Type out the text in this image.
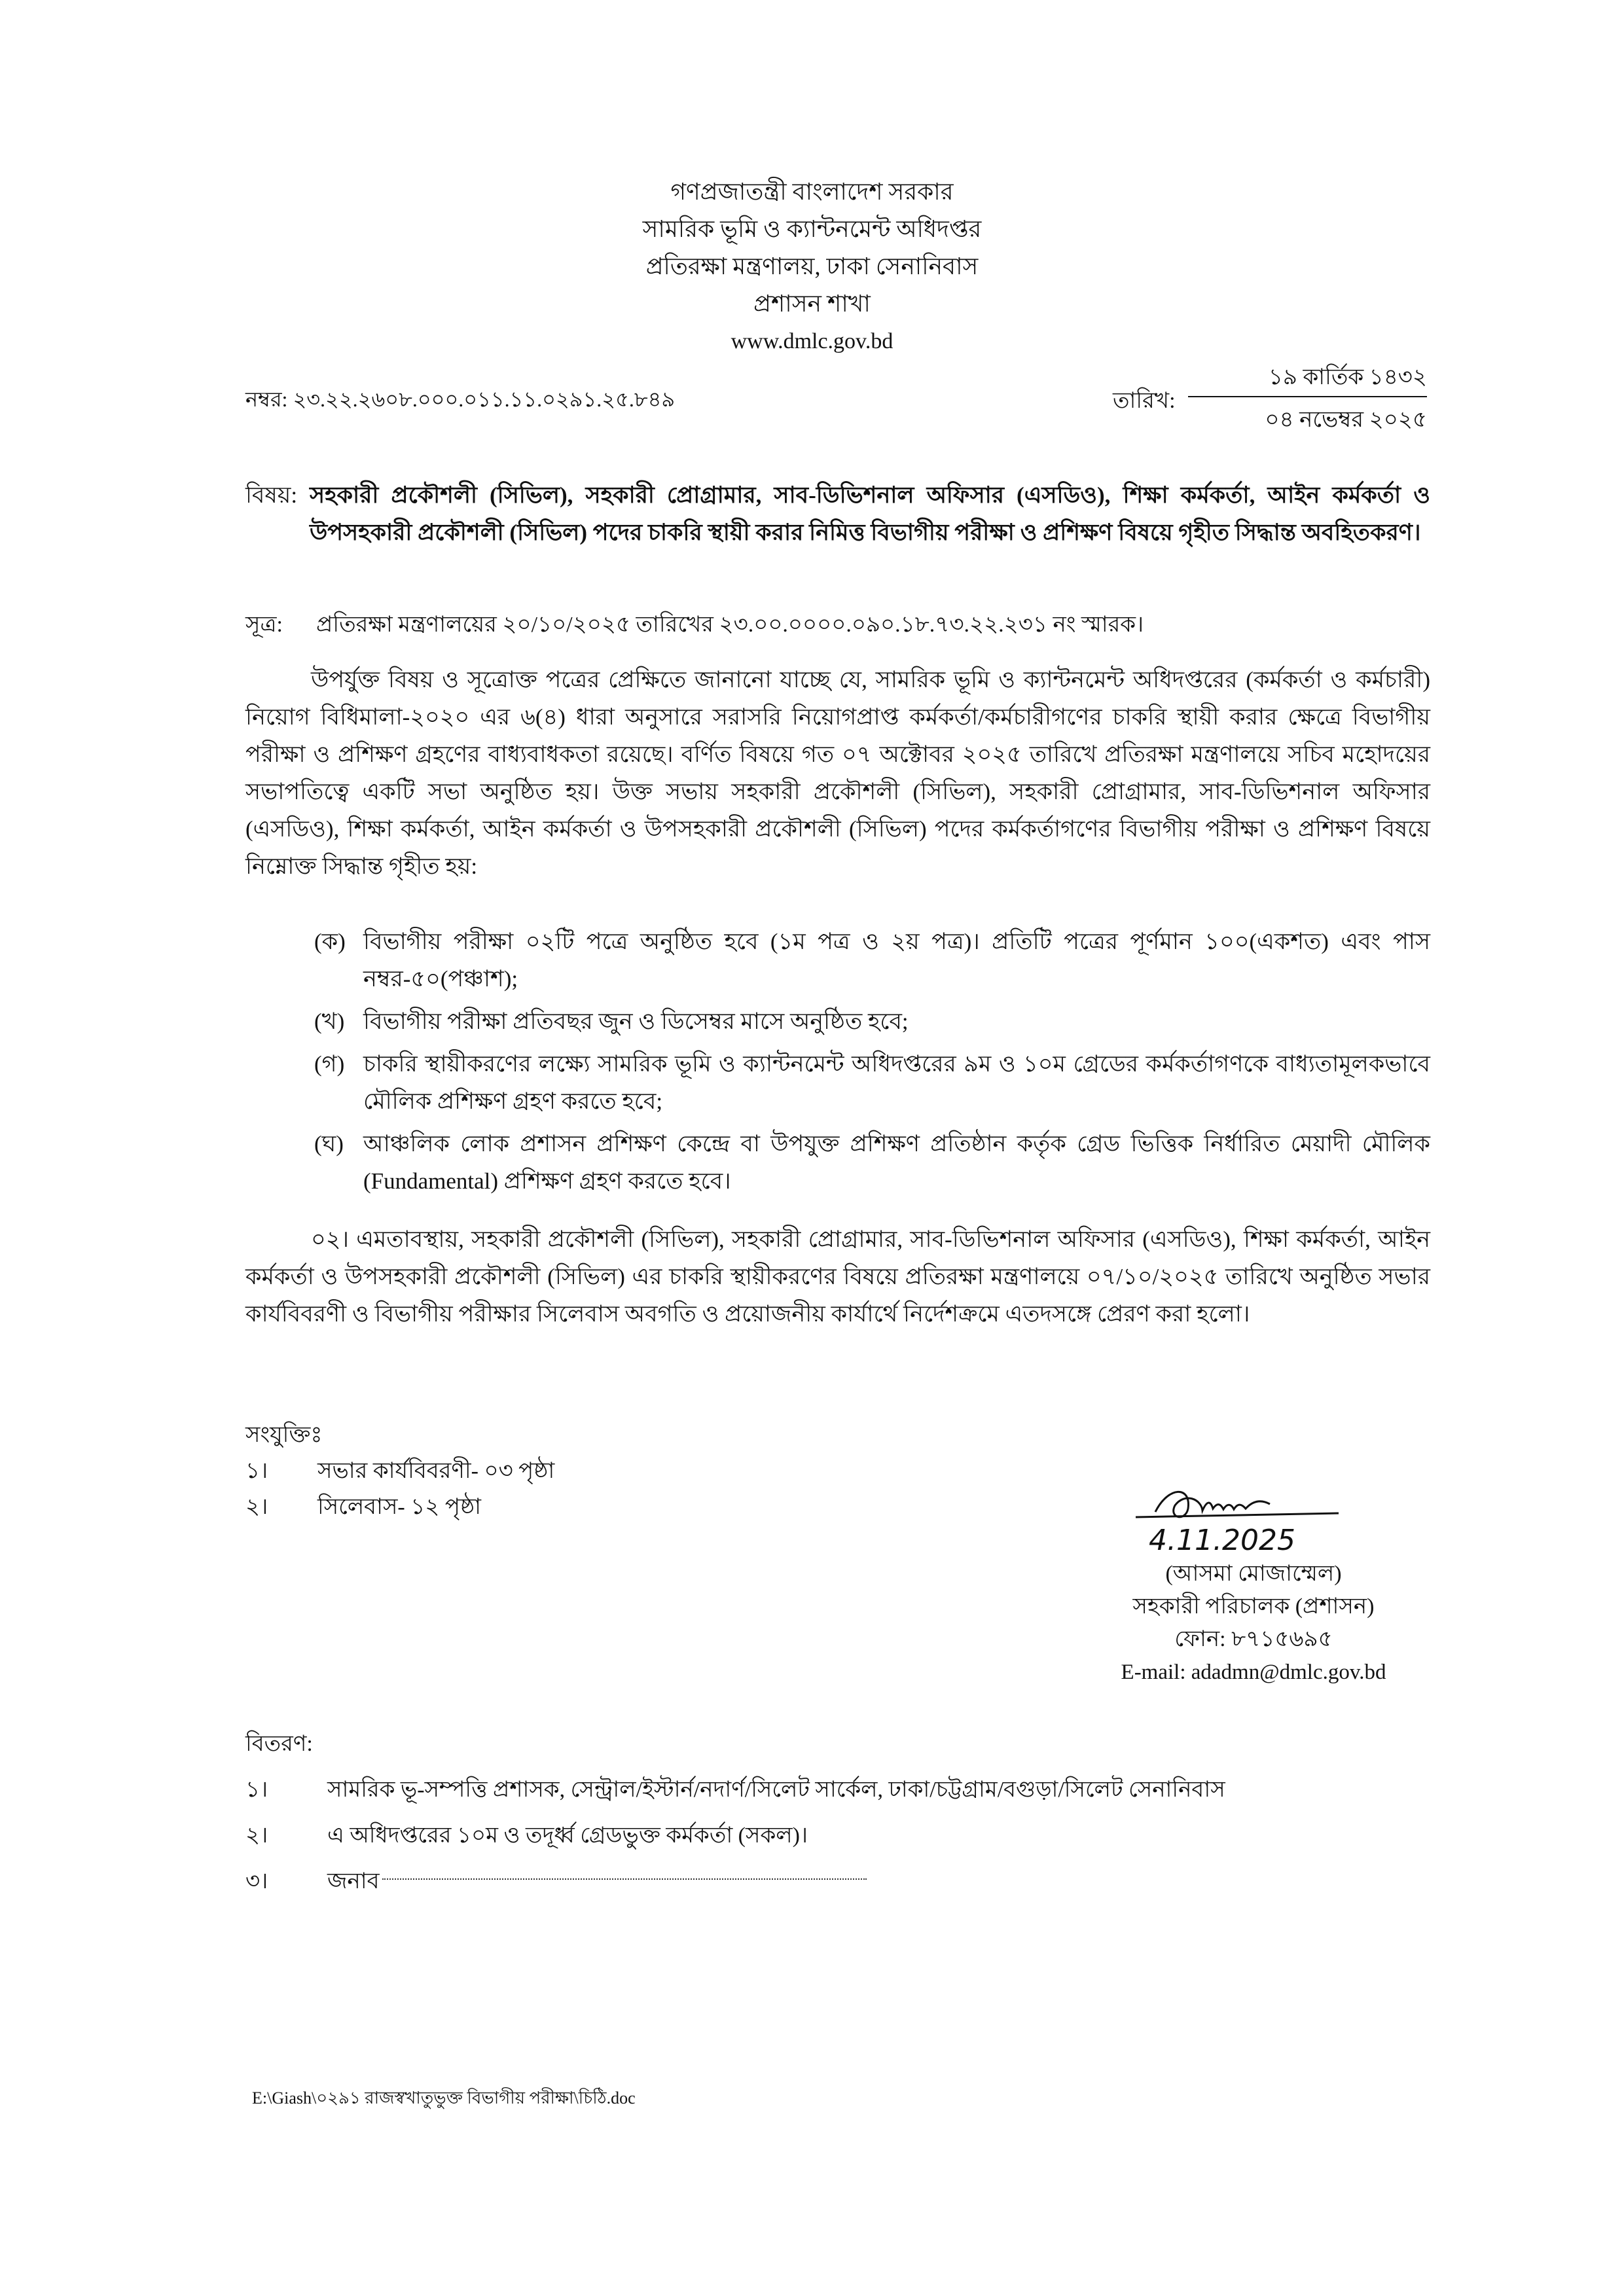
গণপ্রজাতন্ত্রী বাংলাদেশ সরকার
সামরিক ভূমি ও ক্যান্টনমেন্ট অধিদপ্তর
প্রতিরক্ষা মন্ত্রণালয়, ঢাকা সেনানিবাস
প্রশাসন শাখা
www.dmlc.gov.bd
নম্বর: ২৩.২২.২৬০৮.০০০.০১১.১১.০২৯১.২৫.৮৪৯	তারিখ:
১৯ কার্তিক ১৪৩২
০৪ নভেম্বর ২০২৫
বিষয়: সহকারী প্রকৌশলী (সিভিল), সহকারী প্রোগ্রামার, সাব-ডিভিশনাল অফিসার (এসডিও), শিক্ষা কর্মকর্তা, আইন কর্মকর্তা ও উপসহকারী প্রকৌশলী (সিভিল) পদের চাকরি স্থায়ী করার নিমিত্ত বিভাগীয় পরীক্ষা ও প্রশিক্ষণ বিষয়ে গৃহীত সিদ্ধান্ত অবহিতকরণ।
সূত্র:	প্রতিরক্ষা মন্ত্রণালয়ের ২০/১০/২০২৫ তারিখের ২৩.০০.০০০০.০৯০.১৮.৭৩.২২.২৩১ নং স্মারক।
উপর্যুক্ত বিষয় ও সূত্রোক্ত পত্রের প্রেক্ষিতে জানানো যাচ্ছে যে, সামরিক ভূমি ও ক্যান্টনমেন্ট অধিদপ্তরের (কর্মকর্তা ও কর্মচারী) নিয়োগ বিধিমালা-২০২০ এর ৬(৪) ধারা অনুসারে সরাসরি নিয়োগপ্রাপ্ত কর্মকর্তা/কর্মচারীগণের চাকরি স্থায়ী করার ক্ষেত্রে বিভাগীয় পরীক্ষা ও প্রশিক্ষণ গ্রহণের বাধ্যবাধকতা রয়েছে। বর্ণিত বিষয়ে গত ০৭ অক্টোবর ২০২৫ তারিখে প্রতিরক্ষা মন্ত্রণালয়ে সচিব মহোদয়ের সভাপতিত্বে একটি সভা অনুষ্ঠিত হয়। উক্ত সভায় সহকারী প্রকৌশলী (সিভিল), সহকারী প্রোগ্রামার, সাব-ডিভিশনাল অফিসার (এসডিও), শিক্ষা কর্মকর্তা, আইন কর্মকর্তা ও উপসহকারী প্রকৌশলী (সিভিল) পদের কর্মকর্তাগণের বিভাগীয় পরীক্ষা ও প্রশিক্ষণ বিষয়ে নিম্নোক্ত সিদ্ধান্ত গৃহীত হয়:
(ক) বিভাগীয় পরীক্ষা ০২টি পত্রে অনুষ্ঠিত হবে (১ম পত্র ও ২য় পত্র)। প্রতিটি পত্রের পূর্ণমান ১০০(একশত) এবং পাস নম্বর-৫০(পঞ্চাশ);
(খ) বিভাগীয় পরীক্ষা প্রতিবছর জুন ও ডিসেম্বর মাসে অনুষ্ঠিত হবে;
(গ) চাকরি স্থায়ীকরণের লক্ষ্যে সামরিক ভূমি ও ক্যান্টনমেন্ট অধিদপ্তরের ৯ম ও ১০ম গ্রেডের কর্মকর্তাগণকে বাধ্যতামূলকভাবে মৌলিক প্রশিক্ষণ গ্রহণ করতে হবে;
(ঘ) আঞ্চলিক লোক প্রশাসন প্রশিক্ষণ কেন্দ্রে বা উপযুক্ত প্রশিক্ষণ প্রতিষ্ঠান কর্তৃক গ্রেড ভিত্তিক নির্ধারিত মেয়াদী মৌলিক (Fundamental) প্রশিক্ষণ গ্রহণ করতে হবে।
০২। এমতাবস্থায়, সহকারী প্রকৌশলী (সিভিল), সহকারী প্রোগ্রামার, সাব-ডিভিশনাল অফিসার (এসডিও), শিক্ষা কর্মকর্তা, আইন কর্মকর্তা ও উপসহকারী প্রকৌশলী (সিভিল) এর চাকরি স্থায়ীকরণের বিষয়ে প্রতিরক্ষা মন্ত্রণালয়ে ০৭/১০/২০২৫ তারিখে অনুষ্ঠিত সভার কার্যবিবরণী ও বিভাগীয় পরীক্ষার সিলেবাস অবগতি ও প্রয়োজনীয় কার্যার্থে নির্দেশক্রমে এতদসঙ্গে প্রেরণ করা হলো।
সংযুক্তিঃ
১।	সভার কার্যবিবরণী- ০৩ পৃষ্ঠা
২।	সিলেবাস- ১২ পৃষ্ঠা
4.11.2025
(আসমা মোজাম্মেল)
সহকারী পরিচালক (প্রশাসন)
ফোন: ৮৭১৫৬৯৫
E-mail: adadmn@dmlc.gov.bd
বিতরণ:
১।	সামরিক ভূ-সম্পত্তি প্রশাসক, সেন্ট্রাল/ইস্টার্ন/নদার্ণ/সিলেট সার্কেল, ঢাকা/চট্টগ্রাম/বগুড়া/সিলেট সেনানিবাস
২।	এ অধিদপ্তরের ১০ম ও তদূর্ধ্ব গ্রেডভুক্ত কর্মকর্তা (সকল)।
৩।	জনাব
E:\Giash\০২৯১ রাজস্বখাতুভুক্ত বিভাগীয় পরীক্ষা\চিঠি.doc
